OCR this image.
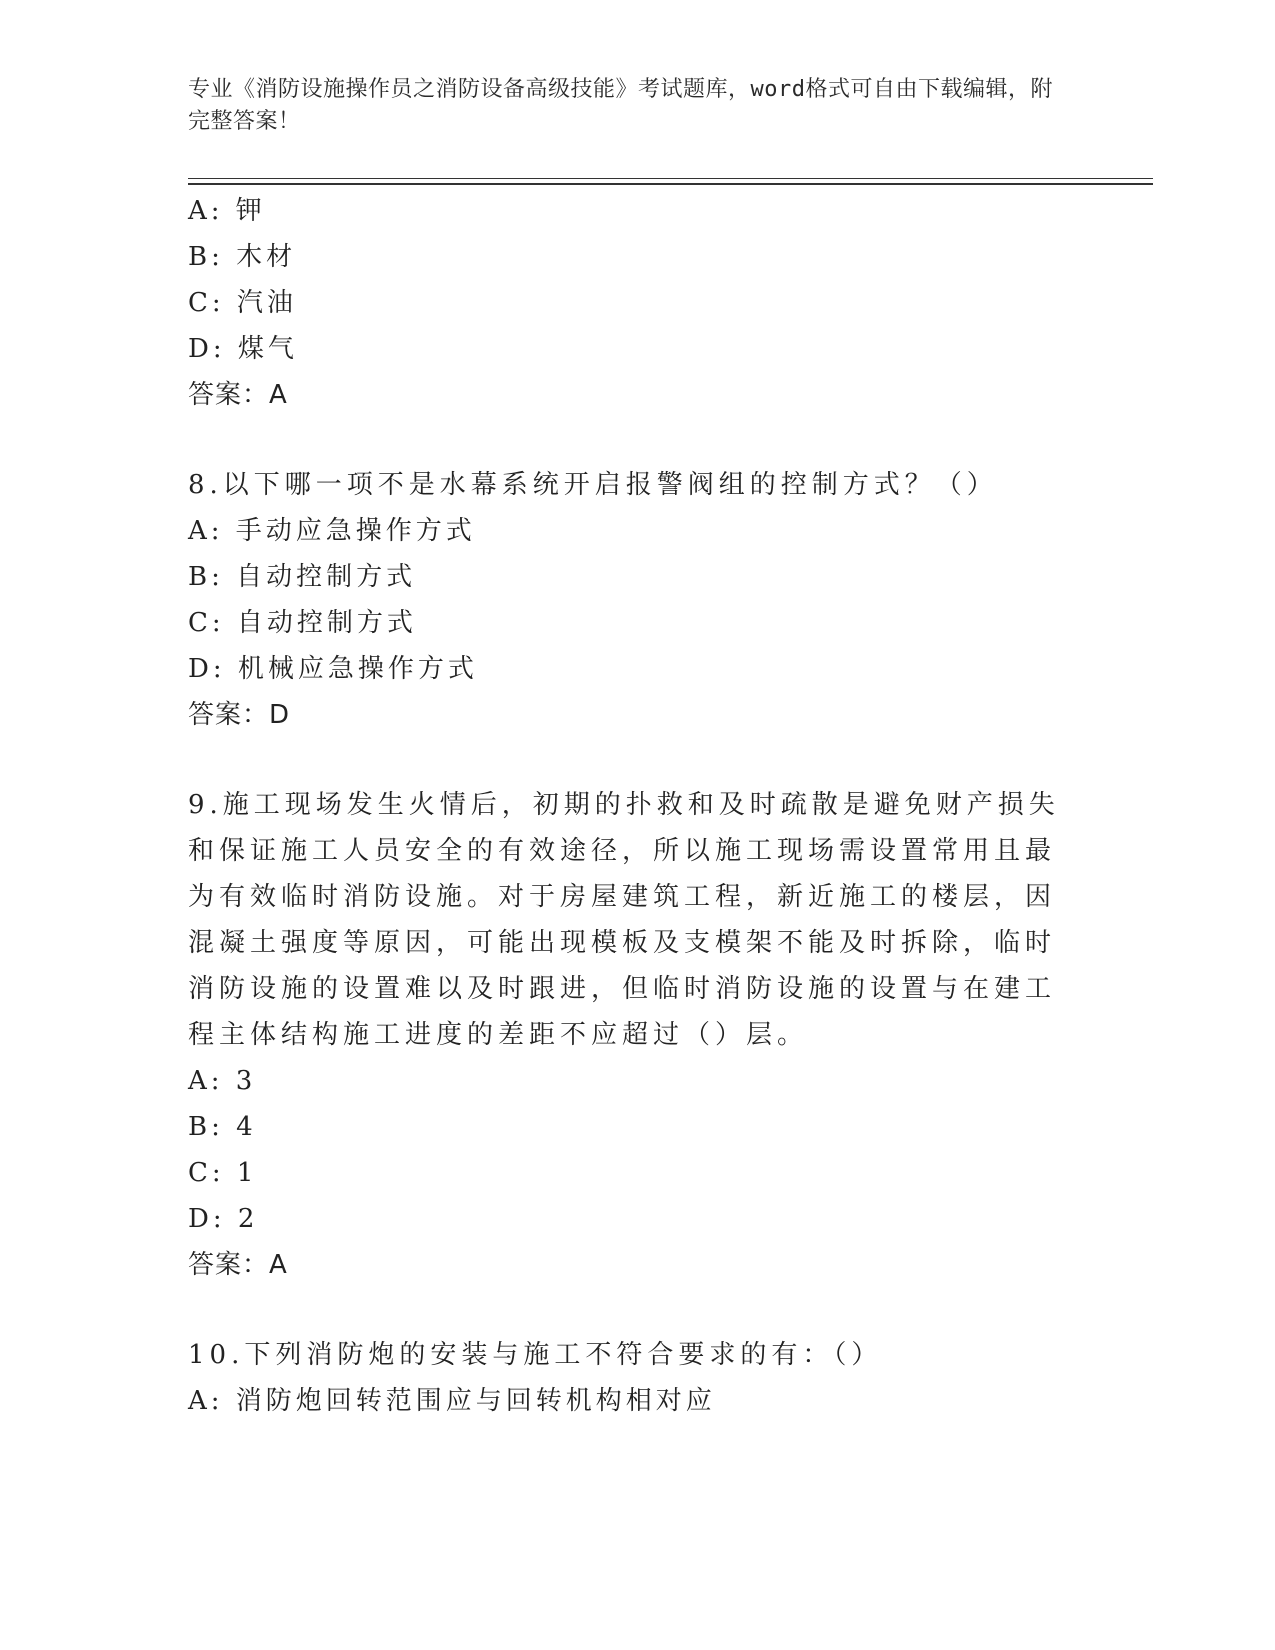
专业《消防设施操作员之消防设备高级技能》考试题库，word格式可自由下载编辑，附完整答案！
A: 钾
B: 木材
C: 汽油
D: 煤气
答案：A
8.以下哪一项不是水幕系统开启报警阀组的控制方式？（）
A: 手动应急操作方式
B: 自动控制方式
C: 自动控制方式
D: 机械应急操作方式
答案：D
9.施工现场发生火情后，初期的扑救和及时疏散是避免财产损失和保证施工人员安全的有效途径，所以施工现场需设置常用且最为有效临时消防设施。对于房屋建筑工程，新近施工的楼层，因混凝土强度等原因，可能出现模板及支模架不能及时拆除，临时消防设施的设置难以及时跟进，但临时消防设施的设置与在建工程主体结构施工进度的差距不应超过（）层。
A: 3
B: 4
C: 1
D: 2
答案：A
10.下列消防炮的安装与施工不符合要求的有：（）
A: 消防炮回转范围应与回转机构相对应
